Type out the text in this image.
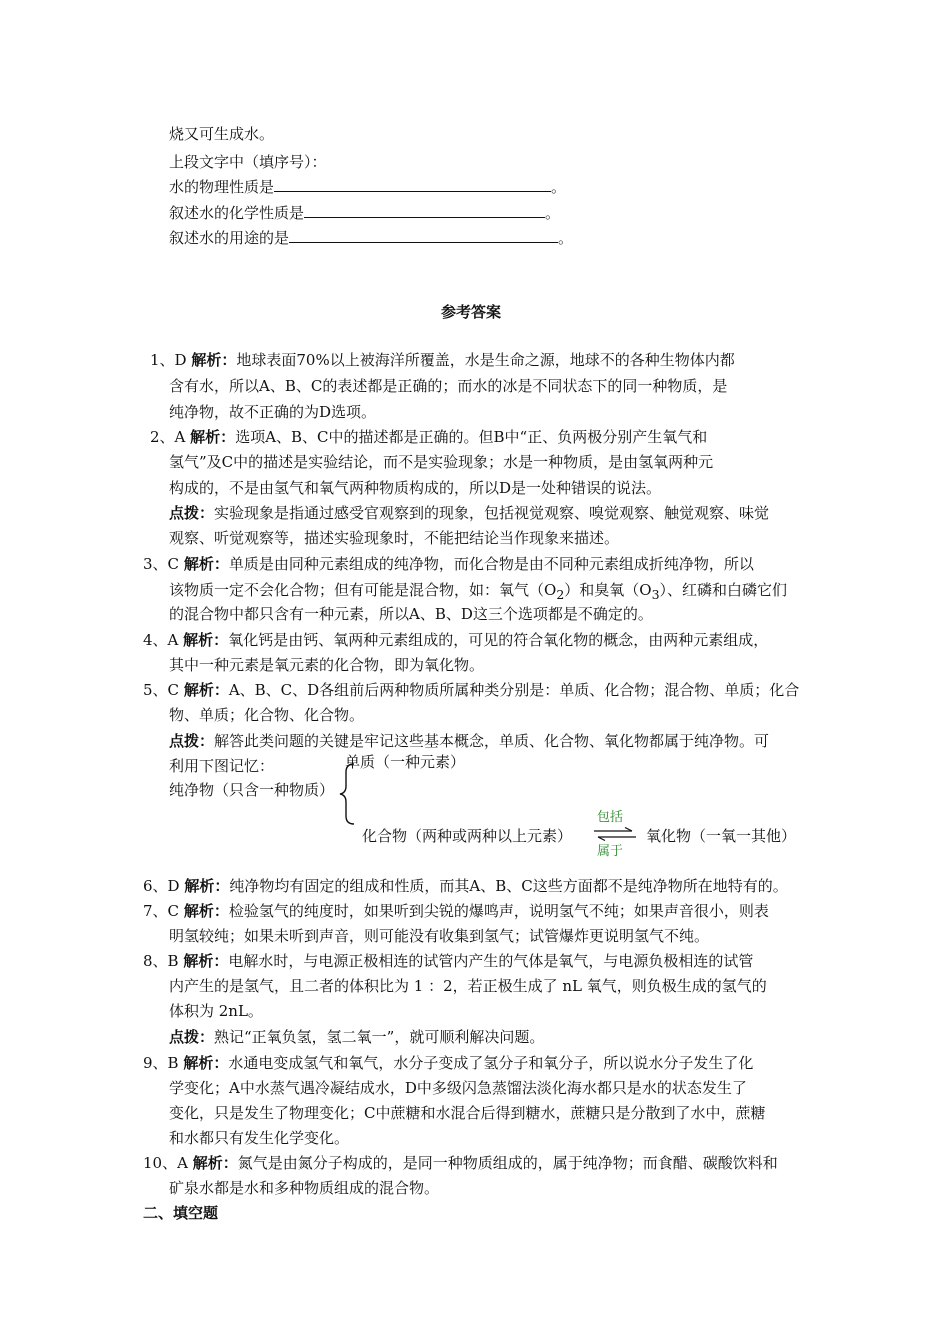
烧又可生成水。
上段文字中（填序号）：
水的物理性质是	。
叙述水的化学性质是	。
叙述水的用途的是	。
参考答案
1、D 解析：地球表面70%以上被海洋所覆盖，水是生命之源，地球不的各种生物体内都
含有水，所以A、B、C的表述都是正确的；而水的冰是不同状态下的同一种物质，是
纯净物，故不正确的为D选项。
2、A 解析：选项A、B、C中的描述都是正确的。但B中“正、负两极分别产生氧气和
氢气”及C中的描述是实验结论，而不是实验现象；水是一种物质，是由氢氧两种元
构成的，不是由氢气和氧气两种物质构成的，所以D是一处种错误的说法。
点拨：实验现象是指通过感受官观察到的现象，包括视觉观察、嗅觉观察、触觉观察、味觉
观察、听觉观察等，描述实验现象时，不能把结论当作现象来描述。
3、C 解析：单质是由同种元素组成的纯净物，而化合物是由不同种元素组成折纯净物，所以
该物质一定不会化合物；但有可能是混合物，如：氧气$(O_2)$和臭氧$(O_3)$、红磷和白磷它们
的混合物中都只含有一种元素，所以A、B、D这三个选项都是不确定的。
4、A 解析：氧化钙是由钙、氧两种元素组成的，可见的符合氧化物的概念，由两种元素组成，
其中一种元素是氧元素的化合物，即为氧化物。
5、C 解析：A、B、C、D各组前后两种物质所属种类分别是：单质、化合物；混合物、单质；化合
物、单质；化合物、化合物。
点拨：解答此类问题的关键是牢记这些基本概念，单质、化合物、氧化物都属于纯净物。可
利用下图记忆：	单质（一种元素）
纯净物（只含一种物质）
化合物（两种或两种以上元素）
包括
属于
氧化物（一氧一其他）
6、D 解析：纯净物均有固定的组成和性质，而其A、B、C这些方面都不是纯净物所在地特有的。
7、C 解析：检验氢气的纯度时，如果听到尖锐的爆鸣声，说明氢气不纯；如果声音很小，则表
明氢较纯；如果未听到声音，则可能没有收集到氢气；试管爆炸更说明氢气不纯。
8、B 解析：电解水时，与电源正极相连的试管内产生的气体是氧气，与电源负极相连的试管
内产生的是氢气，且二者的体积比为 1 ：2，若正极生成了 nL 氧气，则负极生成的氢气的
体积为 2nL。
点拨：熟记“正氧负氢，氢二氧一”，就可顺利解决问题。
9、B 解析：水通电变成氢气和氧气，水分子变成了氢分子和氧分子，所以说水分子发生了化
学变化；A中水蒸气遇冷凝结成水，D中多级闪急蒸馏法淡化海水都只是水的状态发生了
变化，只是发生了物理变化；C中蔗糖和水混合后得到糖水，蔗糖只是分散到了水中，蔗糖
和水都只有发生化学变化。
10、A 解析：氮气是由氮分子构成的，是同一种物质组成的，属于纯净物；而食醋、碳酸饮料和
矿泉水都是水和多种物质组成的混合物。
二、填空题
